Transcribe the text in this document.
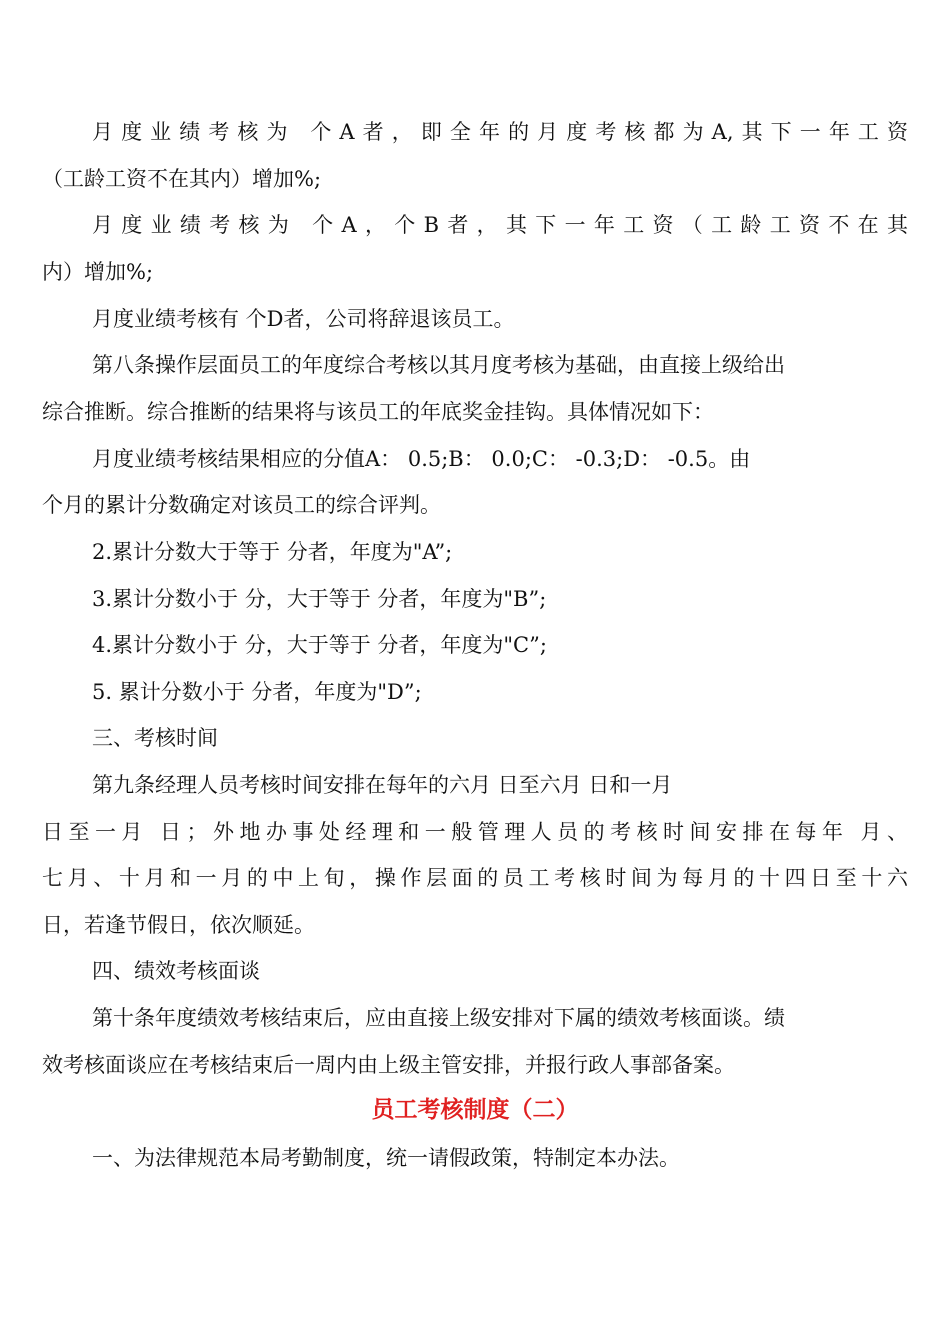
月度业绩考核为 个A者，即全年的月度考核都为A,其下一年工资

（工龄工资不在其内）增加%;

月度业绩考核为 个A，个B者，其下一年工资（工龄工资不在其

内）增加%;

月度业绩考核有 个D者，公司将辞退该员工。

第八条操作层面员工的年度综合考核以其月度考核为基础，由直接上级给出

综合推断。综合推断的结果将与该员工的年底奖金挂钩。具体情况如下：

月度业绩考核结果相应的分值A： 0.5;B： 0.0;C： -0.3;D： -0.5。由

个月的累计分数确定对该员工的综合评判。

2.累计分数大于等于 分者，年度为"A”;

3.累计分数小于 分，大于等于 分者，年度为"B”;

4.累计分数小于 分，大于等于 分者，年度为"C”;

5. 累计分数小于 分者，年度为"D”;

三、考核时间

第九条经理人员考核时间安排在每年的六月 日至六月 日和一月

日至一月 日；外地办事处经理和一般管理人员的考核时间安排在每年 月、

七月、十月和一月的中上旬，操作层面的员工考核时间为每月的十四日至十六

日，若逢节假日，依次顺延。

四、绩效考核面谈

第十条年度绩效考核结束后，应由直接上级安排对下属的绩效考核面谈。绩

效考核面谈应在考核结束后一周内由上级主管安排，并报行政人事部备案。

员工考核制度（二）

一、为法律规范本局考勤制度，统一请假政策，特制定本办法。
